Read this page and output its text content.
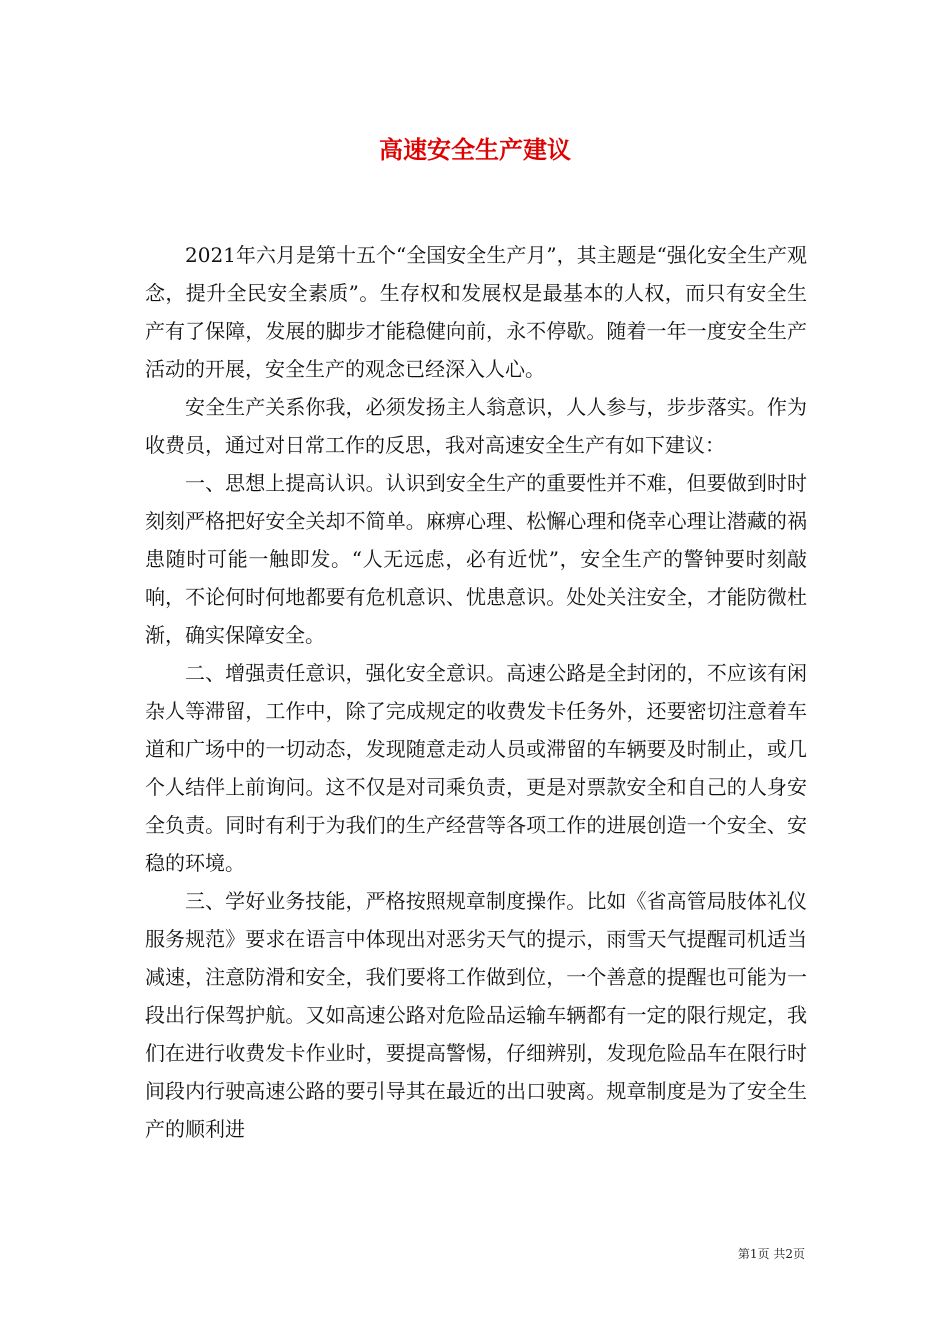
高速安全生产建议

2021年六月是第十五个“全国安全生产月”，其主题是“强化安全生产观念，提升全民安全素质”。生存权和发展权是最基本的人权，而只有安全生产有了保障，发展的脚步才能稳健向前，永不停歇。随着一年一度安全生产活动的开展，安全生产的观念已经深入人心。

安全生产关系你我，必须发扬主人翁意识，人人参与，步步落实。作为收费员，通过对日常工作的反思，我对高速安全生产有如下建议：

一、思想上提高认识。认识到安全生产的重要性并不难，但要做到时时刻刻严格把好安全关却不简单。麻痹心理、松懈心理和侥幸心理让潜藏的祸患随时可能一触即发。“人无远虑，必有近忧”，安全生产的警钟要时刻敲响，不论何时何地都要有危机意识、忧患意识。处处关注安全，才能防微杜渐，确实保障安全。

二、增强责任意识，强化安全意识。高速公路是全封闭的，不应该有闲杂人等滞留，工作中，除了完成规定的收费发卡任务外，还要密切注意着车道和广场中的一切动态，发现随意走动人员或滞留的车辆要及时制止，或几个人结伴上前询问。这不仅是对司乘负责，更是对票款安全和自己的人身安全负责。同时有利于为我们的生产经营等各项工作的进展创造一个安全、安稳的环境。

三、学好业务技能，严格按照规章制度操作。比如《省高管局肢体礼仪服务规范》要求在语言中体现出对恶劣天气的提示，雨雪天气提醒司机适当减速，注意防滑和安全，我们要将工作做到位，一个善意的提醒也可能为一段出行保驾护航。又如高速公路对危险品运输车辆都有一定的限行规定，我们在进行收费发卡作业时，要提高警惕，仔细辨别，发现危险品车在限行时间段内行驶高速公路的要引导其在最近的出口驶离。规章制度是为了安全生产的顺利进

第1页 共2页
